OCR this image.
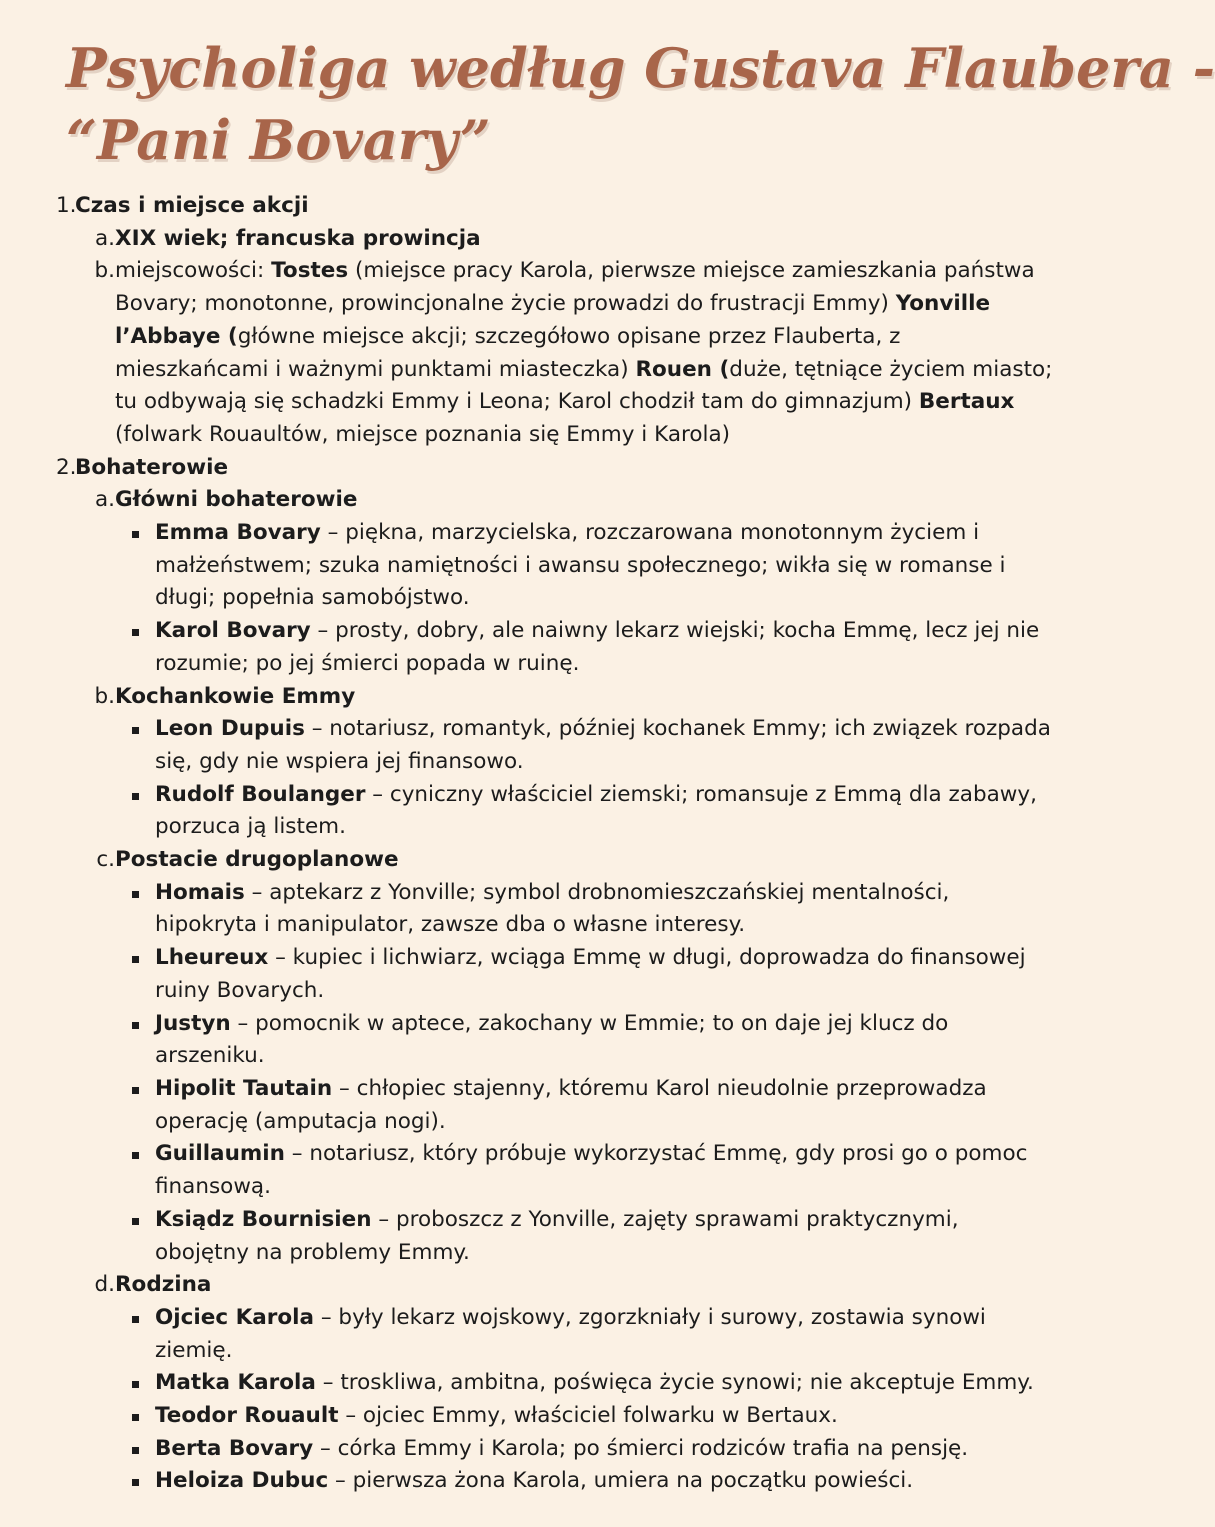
Psycholiga według Gustava Flaubera -
“Pani Bovary”
1.
Czas i miejsce akcji
a. XIX wiek; francuska prowincja
b. miejscowości: Tostes (miejsce pracy Karola, pierwsze miejsce zamieszkania państwa Bovary; monotonne, prowincjonalne życie prowadzi do frustracji Emmy) Yonville l’Abbaye (główne miejsce akcji; szczegółowo opisane przez Flauberta, z mieszkańcami i ważnymi punktami miasteczka) Rouen (duże, tętniące życiem miasto; tu odbywają się schadzki Emmy i Leona; Karol chodził tam do gimnazjum) Bertaux (folwark Rouaultów, miejsce poznania się Emmy i Karola)
2.
Bohaterowie
a. Główni bohaterowie
Emma Bovary – piękna, marzycielska, rozczarowana monotonnym życiem i małżeństwem; szuka namiętności i awansu społecznego; wikła się w romanse i długi; popełnia samobójstwo.
Karol Bovary – prosty, dobry, ale naiwny lekarz wiejski; kocha Emmę, lecz jej nie rozumie; po jej śmierci popada w ruinę.
b. Kochankowie Emmy
Leon Dupuis – notariusz, romantyk, później kochanek Emmy; ich związek rozpada się, gdy nie wspiera jej finansowo.
Rudolf Boulanger – cyniczny właściciel ziemski; romansuje z Emmą dla zabawy, porzuca ją listem.
c. Postacie drugoplanowe
Homais – aptekarz z Yonville; symbol drobnomieszczańskiej mentalności, hipokryta i manipulator, zawsze dba o własne interesy.
Lheureux – kupiec i lichwiarz, wciąga Emmę w długi, doprowadza do finansowej ruiny Bovarych.
Justyn – pomocnik w aptece, zakochany w Emmie; to on daje jej klucz do arszeniku.
Hipolit Tautain – chłopiec stajenny, któremu Karol nieudolnie przeprowadza operację (amputacja nogi).
Guillaumin – notariusz, który próbuje wykorzystać Emmę, gdy prosi go o pomoc finansową.
Ksiądz Bournisien – proboszcz z Yonville, zajęty sprawami praktycznymi, obojętny na problemy Emmy.
d. Rodzina
Ojciec Karola – były lekarz wojskowy, zgorzkniały i surowy, zostawia synowi ziemię.
Matka Karola – troskliwa, ambitna, poświęca życie synowi; nie akceptuje Emmy.
Teodor Rouault – ojciec Emmy, właściciel folwarku w Bertaux.
Berta Bovary – córka Emmy i Karola; po śmierci rodziców trafia na pensję.
Heloiza Dubuc – pierwsza żona Karola, umiera na początku powieści.
